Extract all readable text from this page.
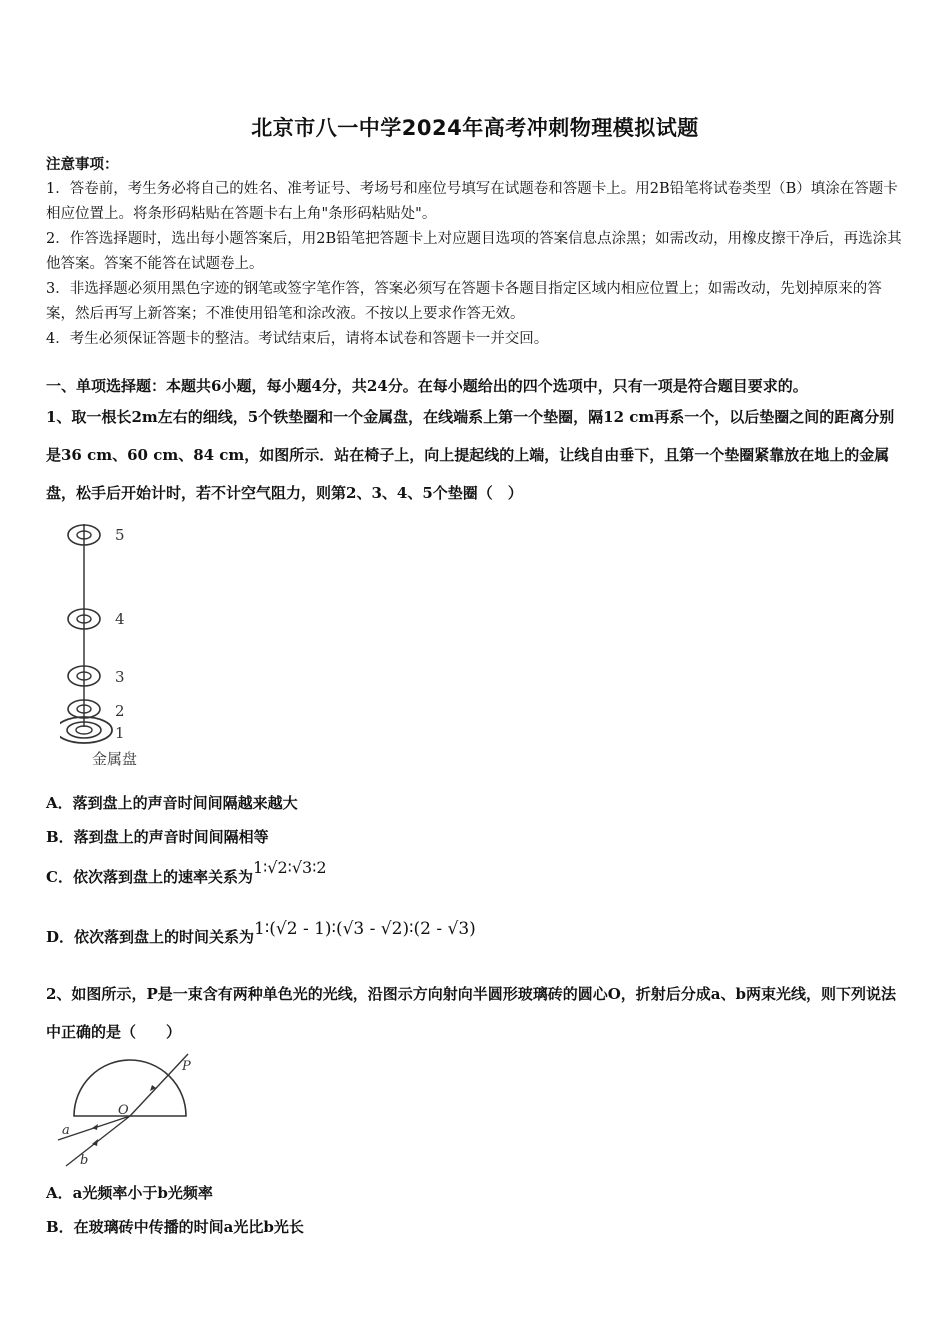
北京市八一中学2024年高考冲刺物理模拟试题

注意事项：

1．答卷前，考生务必将自己的姓名、准考证号、考场号和座位号填写在试题卷和答题卡上。用2B铅笔将试卷类型（B）填涂在答题卡相应位置上。将条形码粘贴在答题卡右上角"条形码粘贴处"。

2．作答选择题时，选出每小题答案后，用2B铅笔把答题卡上对应题目选项的答案信息点涂黑；如需改动，用橡皮擦干净后，再选涂其他答案。答案不能答在试题卷上。

3．非选择题必须用黑色字迹的钢笔或签字笔作答，答案必须写在答题卡各题目指定区域内相应位置上；如需改动，先划掉原来的答案，然后再写上新答案；不准使用铅笔和涂改液。不按以上要求作答无效。

4．考生必须保证答题卡的整洁。考试结束后，请将本试卷和答题卡一并交回。

一、单项选择题：本题共6小题，每小题4分，共24分。在每小题给出的四个选项中，只有一项是符合题目要求的。
1、取一根长2m左右的细线，5个铁垫圈和一个金属盘，在线端系上第一个垫圈，隔12 cm再系一个，以后垫圈之间的距离分别是36 cm、60 cm、84 cm，如图所示．站在椅子上，向上提起线的上端，让线自由垂下，且第一个垫圈紧靠放在地上的金属盘，松手后开始计时，若不计空气阻力，则第2、3、4、5个垫圈（　）
5
4
3
2
1
金属盘
A．落到盘上的声音时间间隔越来越大
B．落到盘上的声音时间间隔相等
C．依次落到盘上的速率关系为1∶√2∶√3∶2
D．依次落到盘上的时间关系为1∶(√2 - 1)∶(√3 - √2)∶(2 - √3)
2、如图所示，P是一束含有两种单色光的光线，沿图示方向射向半圆形玻璃砖的圆心O，折射后分成a、b两束光线，则下列说法中正确的是（　　）
P
O
a
b
A．a光频率小于b光频率
B．在玻璃砖中传播的时间a光比b光长
